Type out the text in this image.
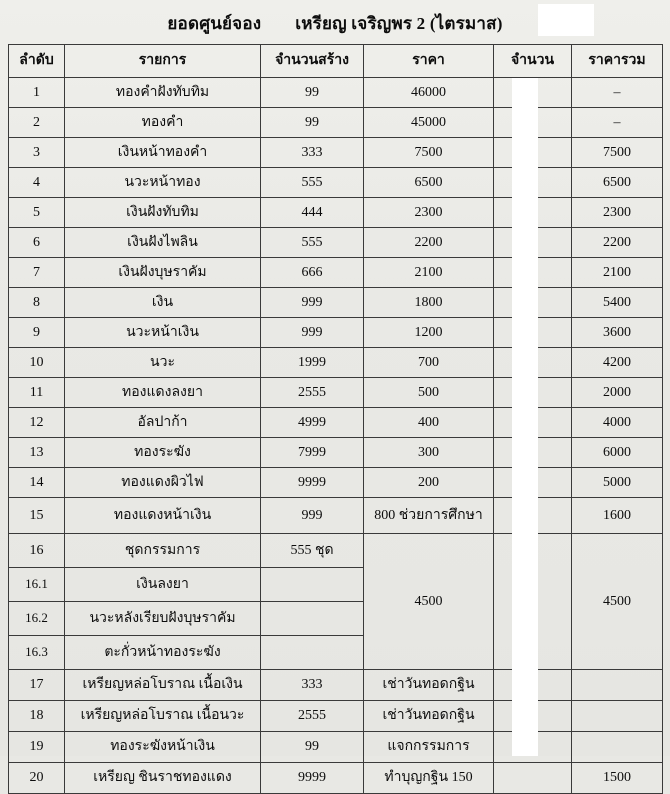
ยอดศูนย์จอง เหรียญ เจริญพร 2 (ไตรมาส)
ลำดับ	รายการ	จำนวนสร้าง	ราคา	จำนวน	ราคารวม
1	ทองคำฝังทับทิม	99	46000		–
2	ทองคำ	99	45000		–
3	เงินหน้าทองคำ	333	7500		7500
4	นวะหน้าทอง	555	6500		6500
5	เงินฝังทับทิม	444	2300		2300
6	เงินฝังไพลิน	555	2200		2200
7	เงินฝังบุษราคัม	666	2100		2100
8	เงิน	999	1800		5400
9	นวะหน้าเงิน	999	1200		3600
10	นวะ	1999	700		4200
11	ทองแดงลงยา	2555	500		2000
12	อัลปาก้า	4999	400		4000
13	ทองระฆัง	7999	300		6000
14	ทองแดงผิวไฟ	9999	200		5000
15	ทองแดงหน้าเงิน	999	800 ช่วยการศึกษา		1600
16	ชุดกรรมการ	555 ชุด	4500		4500
16.1	เงินลงยา				
16.2	นวะหลังเรียบฝังบุษราคัม				
16.3	ตะกั่วหน้าทองระฆัง				
17	เหรียญหล่อโบราณ เนื้อเงิน	333	เช่าวันทอดกฐิน		
18	เหรียญหล่อโบราณ เนื้อนวะ	2555	เช่าวันทอดกฐิน		
19	ทองระฆังหน้าเงิน	99	แจกกรรมการ		
20	เหรียญ ชินราชทองแดง	9999	ทำบุญกฐิน 150		1500
